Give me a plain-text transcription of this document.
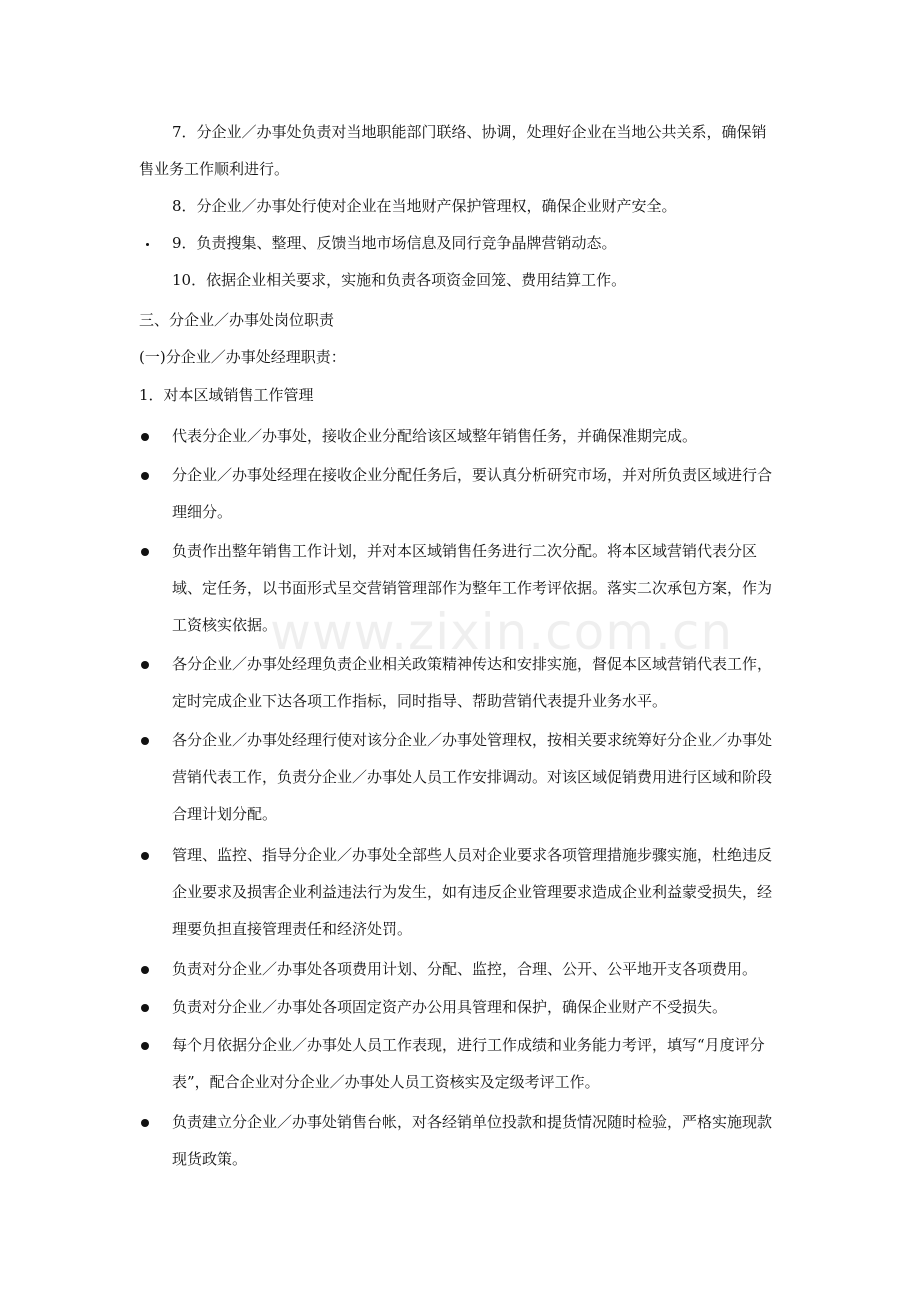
7．分企业／办事处负责对当地职能部门联络、协调，处理好企业在当地公共关系，确保销售业务工作顺利进行。
8．分企业／办事处行使对企业在当地财产保护管理权，确保企业财产安全。
9．负责搜集、整理、反馈当地市场信息及同行竞争晶牌营销动态。
10．依据企业相关要求，实施和负责各项资金回笼、费用结算工作。
三、分企业／办事处岗位职责
(一)分企业／办事处经理职责：
1．对本区域销售工作管理
代表分企业／办事处，接收企业分配给该区域整年销售任务，并确保准期完成。
分企业／办事处经理在接收企业分配任务后，要认真分析研究市场，并对所负责区域进行合理细分。
负责作出整年销售工作计划，并对本区域销售任务进行二次分配。将本区域营销代表分区域、定任务，以书面形式呈交营销管理部作为整年工作考评依据。落实二次承包方案，作为工资核实依据。
各分企业／办事处经理负责企业相关政策精神传达和安排实施，督促本区域营销代表工作，定时完成企业下达各项工作指标，同时指导、帮助营销代表提升业务水平。
各分企业／办事处经理行使对该分企业／办事处管理权，按相关要求统筹好分企业／办事处营销代表工作，负责分企业／办事处人员工作安排调动。对该区域促销费用进行区域和阶段合理计划分配。
管理、监控、指导分企业／办事处全部些人员对企业要求各项管理措施步骤实施，杜绝违反企业要求及损害企业利益违法行为发生，如有违反企业管理要求造成企业利益蒙受损失，经理要负担直接管理责任和经济处罚。
负责对分企业／办事处各项费用计划、分配、监控，合理、公开、公平地开支各项费用。
负责对分企业／办事处各项固定资产办公用具管理和保护，确保企业财产不受损失。
每个月依据分企业／办事处人员工作表现，进行工作成绩和业务能力考评，填写“月度评分表”，配合企业对分企业／办事处人员工资核实及定级考评工作。
负责建立分企业／办事处销售台帐，对各经销单位投款和提货情况随时检验，严格实施现款现货政策。
www.zixin.com.cn
